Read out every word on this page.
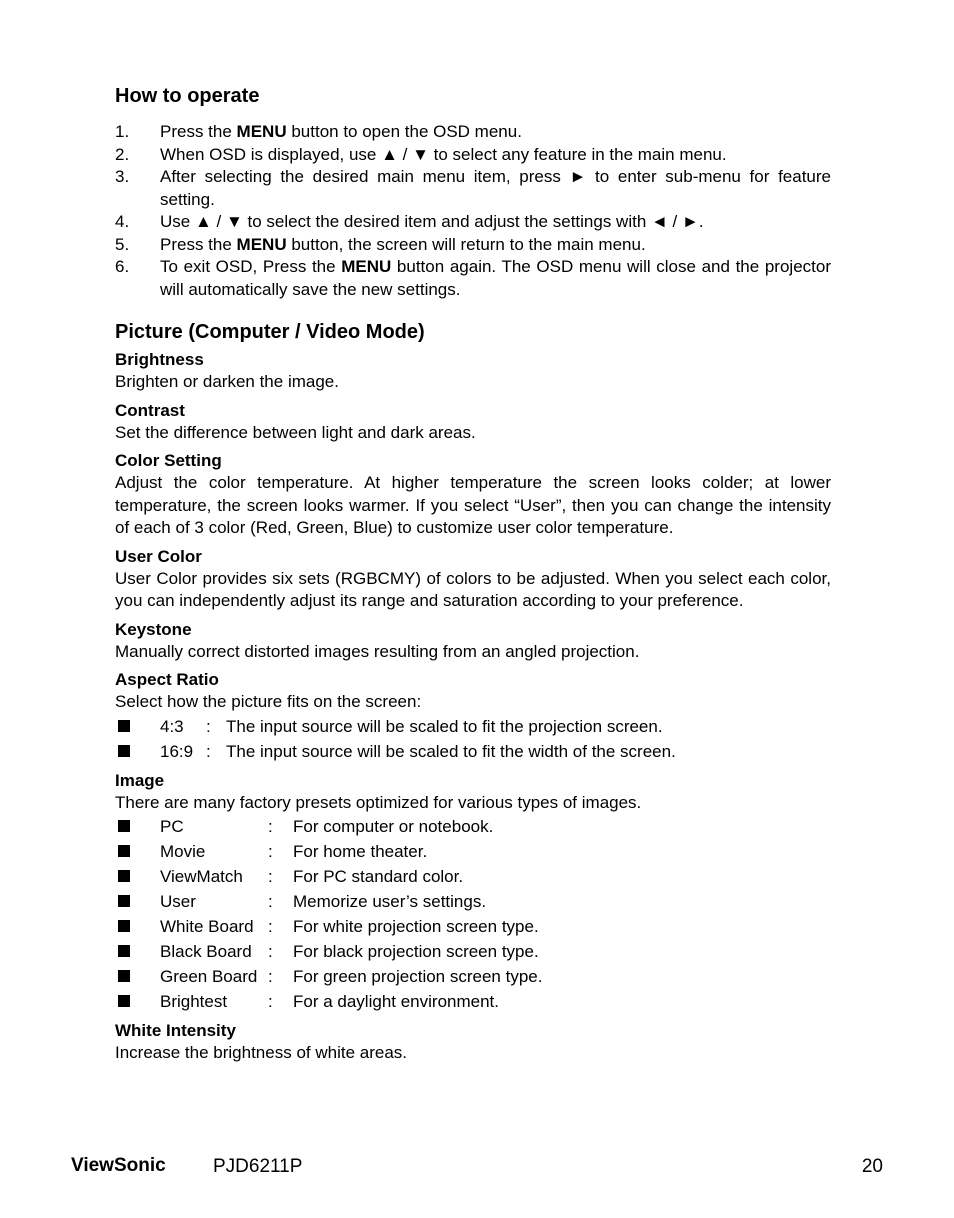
How to operate
1.	Press the MENU button to open the OSD menu.
2.	When OSD is displayed, use ▲ / ▼ to select any feature in the main menu.
3.	After selecting the desired main menu item, press ► to enter sub-menu for feature setting.
4.	Use ▲ / ▼ to select the desired item and adjust the settings with ◄ / ►.
5.	Press the MENU button, the screen will return to the main menu.
6.	To exit OSD, Press the MENU button again. The OSD menu will close and the projector will automatically save the new settings.
Picture (Computer / Video Mode)
Brightness

Brighten or darken the image.

Contrast

Set the difference between light and dark areas.

Color Setting

Adjust the color temperature. At higher temperature the screen looks colder; at lower temperature, the screen looks warmer. If you select “User”, then you can change the intensity of each of 3 color (Red, Green, Blue) to customize user color temperature.

User Color

User Color provides six sets (RGBCMY) of colors to be adjusted. When you select each color, you can independently adjust its range and saturation according to your preference.

Keystone

Manually correct distorted images resulting from an angled projection.

Aspect Ratio

Select how the picture fits on the screen:

4:3	: The input source will be scaled to fit the projection screen.
16:9 : The input source will be scaled to fit the width of the screen.
Image

There are many factory presets optimized for various types of images.

PC	:	For computer or notebook.
Movie	:	For home theater.
ViewMatch	:	For PC standard color.
User	:	Memorize user’s settings.
White Board :	For white projection screen type.
Black Board :	For black projection screen type.
Green Board :	For green projection screen type.
Brightest	:	For a daylight environment.
White Intensity

Increase the brightness of white areas.

ViewSonic PJD6211P	20
